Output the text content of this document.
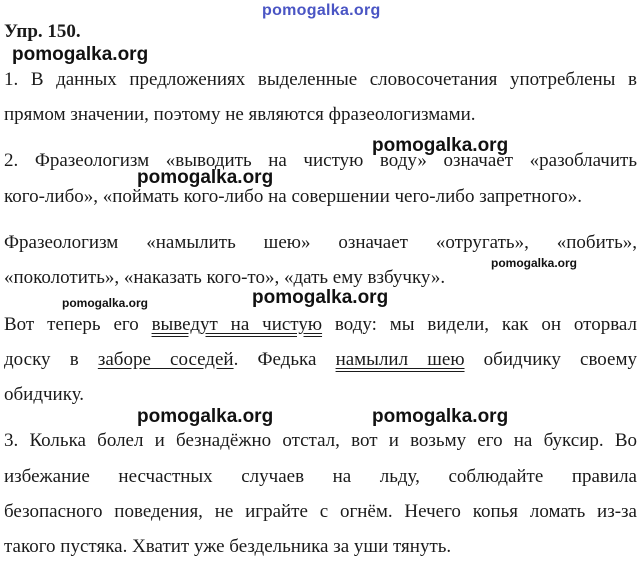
pomogalka.org
pomogalka.org
pomogalka.org
pomogalka.org
pomogalka.org
pomogalka.org	pomogalka.org
pomogalka.org	pomogalka.org
Упр. 150.
1. В данных предложениях выделенные словосочетания употреблены в
прямом значении, поэтому не являются фразеологизмами.
2. Фразеологизм «выводить на чистую воду» означает «разоблачить
кого-либо», «поймать кого-либо на совершении чего-либо запретного».
Фразеологизм «намылить шею» означает «отругать», «побить»,
«поколотить», «наказать кого-то», «дать ему взбучку».
Вот теперь его выведут на чистую воду: мы видели, как он оторвал
доску в заборе соседей. Федька намылил шею обидчику своему
обидчику.
3. Колька болел и безнадёжно отстал, вот и возьму его на буксир. Во
избежание несчастных случаев на льду, соблюдайте правила
безопасного поведения, не играйте с огнём. Нечего копья ломать из-за
такого пустяка. Хватит уже бездельника за уши тянуть.
